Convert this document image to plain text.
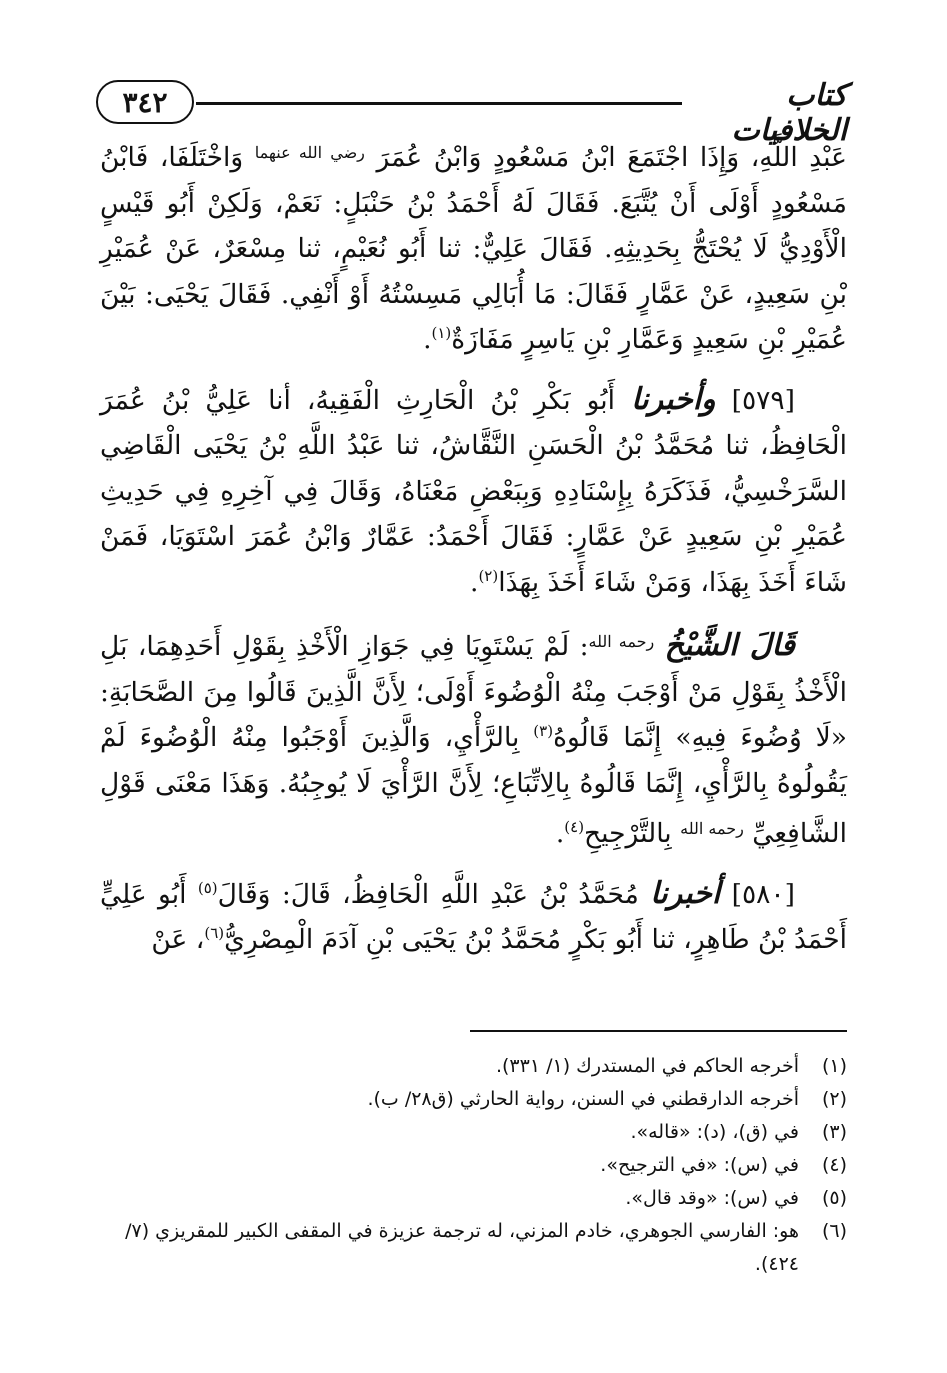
٣٤٢	كتاب الخلافيات

عَبْدِ اللَّهِ، وَإِذَا اجْتَمَعَ ابْنُ مَسْعُودٍ وَابْنُ عُمَرَ $^{رضي الله عنهما}$ وَاخْتَلَفَا، فَابْنُ مَسْعُودٍ أَوْلَى أَنْ يُتَّبَعَ. فَقَالَ لَهُ أَحْمَدُ بْنُ حَنْبَلٍ: نَعَمْ، وَلَكِنْ أَبُو قَيْسٍ الْأَوْدِيُّ لَا يُحْتَجُّ بِحَدِيثِهِ. فَقَالَ عَلِيٌّ: ثنا أَبُو نُعَيْمٍ، ثنا مِسْعَرٌ، عَنْ عُمَيْرِ بْنِ سَعِيدٍ، عَنْ عَمَّارٍ فَقَالَ: مَا أُبَالِي مَسِسْتُهُ أَوْ أَنْفِي. فَقَالَ يَحْيَى: بَيْنَ عُمَيْرِ بْنِ سَعِيدٍ وَعَمَّارِ بْنِ يَاسِرٍ مَفَازَةٌ$^{(١)}$.

[٥٧٩] وأخبرنا أَبُو بَكْرِ بْنُ الْحَارِثِ الْفَقِيهُ، أنا عَلِيُّ بْنُ عُمَرَ الْحَافِظُ، ثنا مُحَمَّدُ بْنُ الْحَسَنِ النَّقَّاشُ، ثنا عَبْدُ اللَّهِ بْنُ يَحْيَى الْقَاضِي السَّرَخْسِيُّ، فَذَكَرَهُ بِإِسْنَادِهِ وَبِبَعْضِ مَعْنَاهُ، وَقَالَ فِي آخِرِهِ فِي حَدِيثِ عُمَيْرِ بْنِ سَعِيدٍ عَنْ عَمَّارٍ: فَقَالَ أَحْمَدُ: عَمَّارٌ وَابْنُ عُمَرَ اسْتَوَيَا، فَمَنْ شَاءَ أَخَذَ بِهَذَا، وَمَنْ شَاءَ أَخَذَ بِهَذَا$^{(٢)}$.

قَالَ الشَّيْخُ $^{رحمه الله}$: لَمْ يَسْتَوِيَا فِي جَوَازِ الْأَخْذِ بِقَوْلِ أَحَدِهِمَا، بَلِ الْأَخْذُ بِقَوْلِ مَنْ أَوْجَبَ مِنْهُ الْوُضُوءَ أَوْلَى؛ لِأَنَّ الَّذِينَ قَالُوا مِنَ الصَّحَابَةِ: «لَا وُضُوءَ فِيهِ» إِنَّمَا قَالُوهُ$^{(٣)}$ بِالرَّأْيِ، وَالَّذِينَ أَوْجَبُوا مِنْهُ الْوُضُوءَ لَمْ يَقُولُوهُ بِالرَّأْيِ، إِنَّمَا قَالُوهُ بِالِاتِّبَاعِ؛ لِأَنَّ الرَّأْيَ لَا يُوجِبُهُ. وَهَذَا مَعْنَى قَوْلِ الشَّافِعِيِّ $^{رحمه الله}$ بِالتَّرْجِيحِ$^{(٤)}$.

[٥٨٠] أخبرنا مُحَمَّدُ بْنُ عَبْدِ اللَّهِ الْحَافِظُ، قَالَ: وَقَالَ$^{(٥)}$ أَبُو عَلِيٍّ أَحْمَدُ بْنُ طَاهِرٍ، ثنا أَبُو بَكْرٍ مُحَمَّدُ بْنُ يَحْيَى بْنِ آدَمَ الْمِصْرِيُّ$^{(٦)}$، عَنْ

(١)
أخرجه الحاكم في المستدرك (١/ ٣٣١).
(٢)
أخرجه الدارقطني في السنن، رواية الحارثي (ق٢٨/ ب).
(٣)
في (ق)، (د): «قاله».
(٤)
في (س): «في الترجيح».
(٥)
في (س): «وقد قال».
(٦)
هو: الفارسي الجوهري، خادم المزني، له ترجمة عزيزة في المقفى الكبير للمقريزي (٧/ ٤٢٤).
